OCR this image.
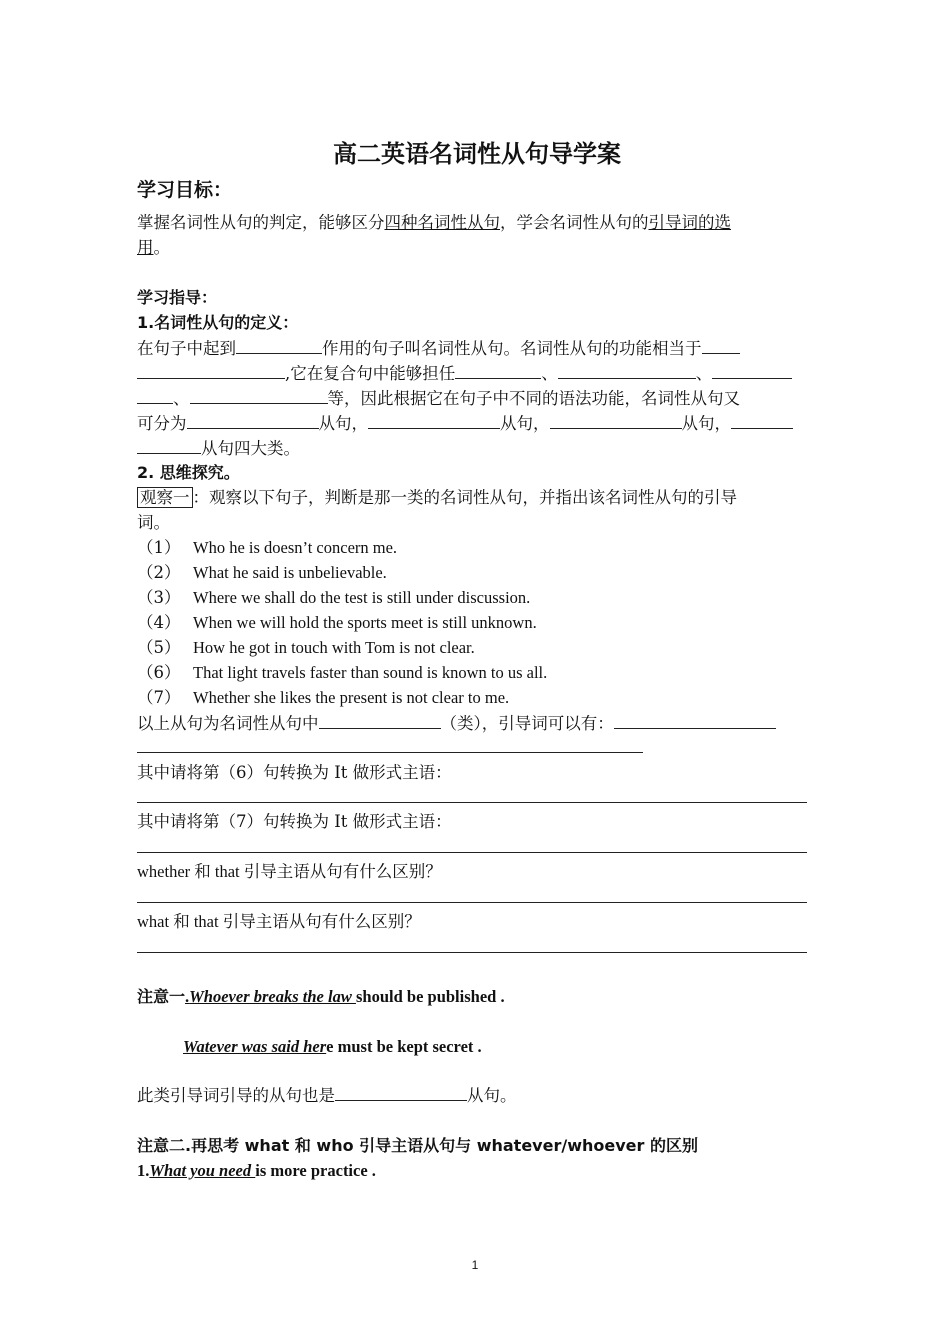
高二英语名词性从句导学案
学习目标：
掌握名词性从句的判定，能够区分四种名词性从句，学会名词性从句的引导词的选
用。
学习指导：
1.名词性从句的定义：
在句子中起到	作用的句子叫名词性从句。名词性从句的功能相当于
,它在复合句中能够担任	、	、
、	等，因此根据它在句子中不同的语法功能，名词性从句又
可分为	从句，	从句，	从句，
从句四大类。
2. 思维探究。
观察一 ：观察以下句子，判断是那一类的名词性从句，并指出该名词性从句的引导
词。
（1） Who he is doesn’t concern me.
（2） What he said is unbelievable.
（3） Where we shall do the test is still under discussion.
（4） When we will hold the sports meet is still unknown.
（5） How he got in touch with Tom is not clear.
（6） That light travels faster than sound is known to us all.
（7） Whether she likes the present is not clear to me.
以上从句为名词性从句中	（类），引导词可以有：
其中请将第（6）句转换为 It 做形式主语：
其中请将第（7）句转换为 It 做形式主语：
whether 和 that 引导主语从句有什么区别？
what 和 that 引导主语从句有什么区别？
注意一.Whoever breaks the law should be published .
Watever was said here must be kept secret .
此类引导词引导的从句也是	从句。
注意二.再思考 what 和 who 引导主语从句与 whatever/whoever 的区别
1.What you need is more practice .
1
